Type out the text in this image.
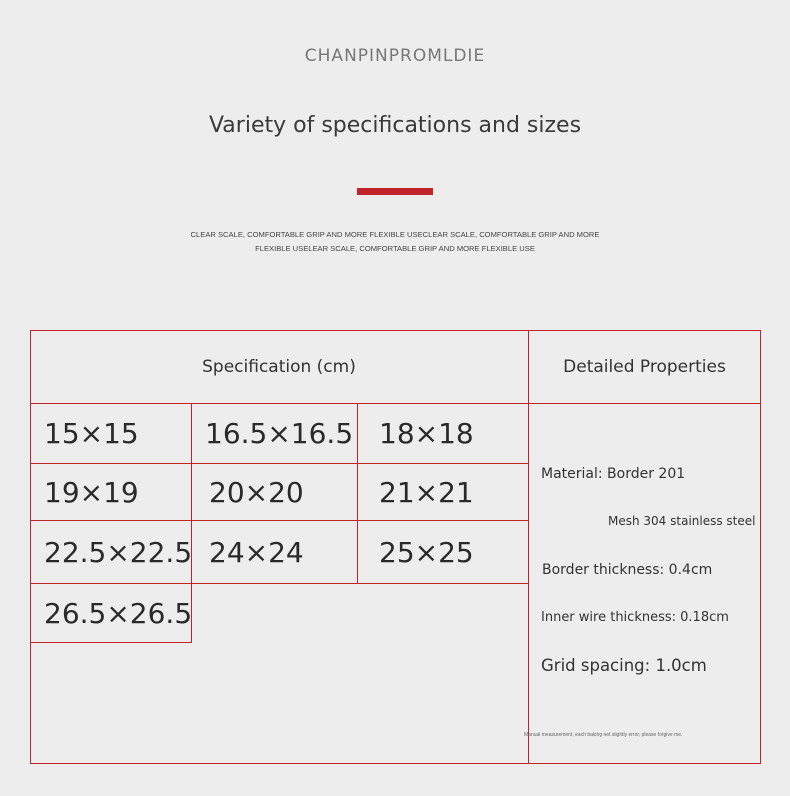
CHANPINPROMLDIE
Variety of specifications and sizes
CLEAR SCALE, COMFORTABLE GRIP AND MORE FLEXIBLE USECLEAR SCALE, COMFORTABLE GRIP AND MORE
FLEXIBLE USELEAR SCALE, COMFORTABLE GRIP AND MORE FLEXIBLE USE
Specification (cm)	Detailed Properties
15×15 16.5×16.5 18×18
19×19	20×20	21×21
22.5×22.5 24×24	25×25
26.5×26.5
Material: Border 201
Mesh 304 stainless steel
Border thickness: 0.4cm
Inner wire thickness: 0.18cm
Grid spacing: 1.0cm
Manual measurement, each baking net slightly error, please forgive me.
